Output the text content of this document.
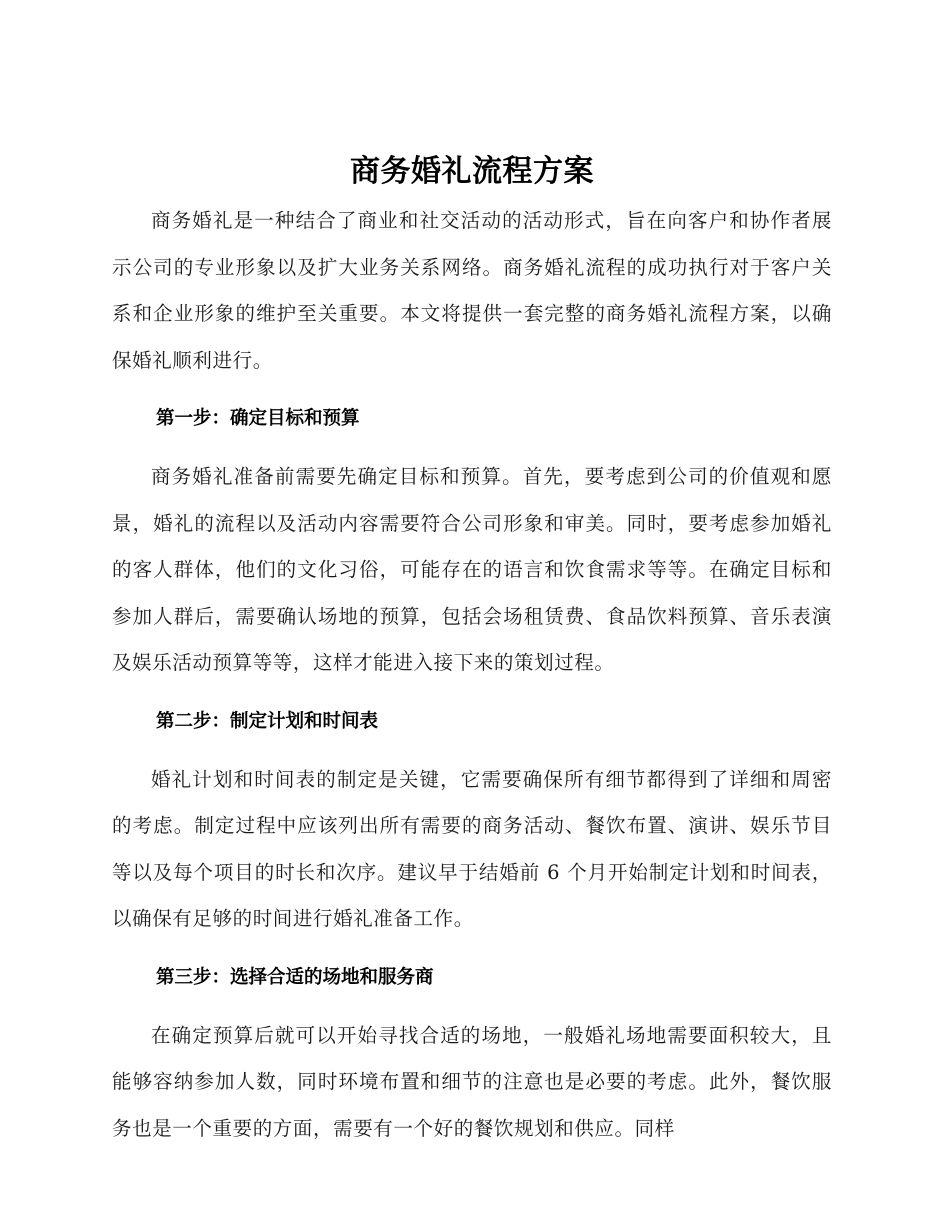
商务婚礼流程方案

商务婚礼是一种结合了商业和社交活动的活动形式，旨在向客户和协作者展示公司的专业形象以及扩大业务关系网络。商务婚礼流程的成功执行对于客户关系和企业形象的维护至关重要。本文将提供一套完整的商务婚礼流程方案，以确保婚礼顺利进行。

第一步：确定目标和预算

商务婚礼准备前需要先确定目标和预算。首先，要考虑到公司的价值观和愿景，婚礼的流程以及活动内容需要符合公司形象和审美。同时，要考虑参加婚礼的客人群体，他们的文化习俗，可能存在的语言和饮食需求等等。在确定目标和参加人群后，需要确认场地的预算，包括会场租赁费、食品饮料预算、音乐表演及娱乐活动预算等等，这样才能进入接下来的策划过程。

第二步：制定计划和时间表

婚礼计划和时间表的制定是关键，它需要确保所有细节都得到了详细和周密的考虑。制定过程中应该列出所有需要的商务活动、餐饮布置、演讲、娱乐节目等以及每个项目的时长和次序。建议早于结婚前 6 个月开始制定计划和时间表，以确保有足够的时间进行婚礼准备工作。

第三步：选择合适的场地和服务商

在确定预算后就可以开始寻找合适的场地，一般婚礼场地需要面积较大，且能够容纳参加人数，同时环境布置和细节的注意也是必要的考虑。此外，餐饮服务也是一个重要的方面，需要有一个好的餐饮规划和供应。同样
